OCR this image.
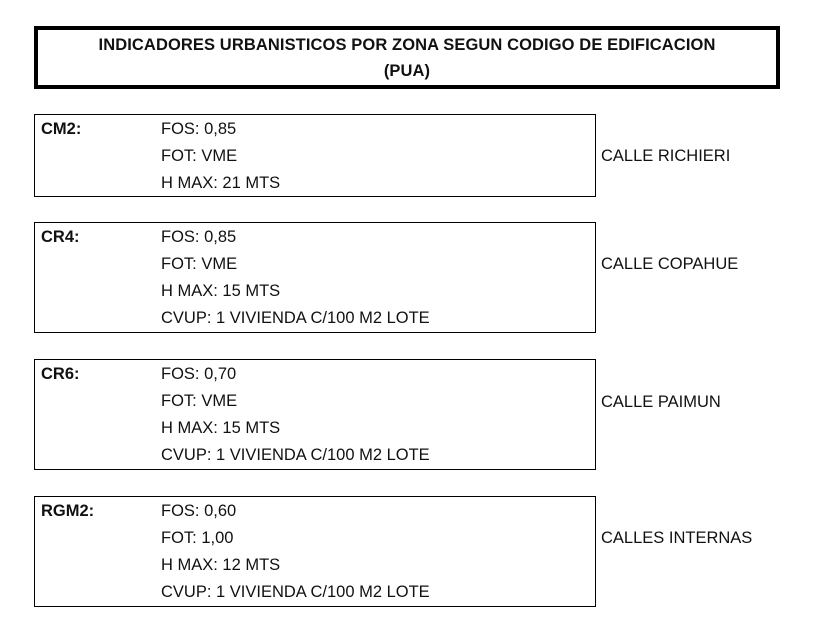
INDICADORES URBANISTICOS POR ZONA SEGUN CODIGO DE EDIFICACION
(PUA)
CM2:	FOS: 0,85
FOT: VME
H MAX: 21 MTS
CALLE RICHIERI
CR4:	FOS: 0,85
FOT: VME
H MAX: 15 MTS
CVUP: 1 VIVIENDA C/100 M2 LOTE
CALLE COPAHUE
CR6:	FOS: 0,70
FOT: VME
H MAX: 15 MTS
CVUP: 1 VIVIENDA C/100 M2 LOTE
CALLE PAIMUN
RGM2:	FOS: 0,60
FOT: 1,00
H MAX: 12 MTS
CVUP: 1 VIVIENDA C/100 M2 LOTE
CALLES INTERNAS
